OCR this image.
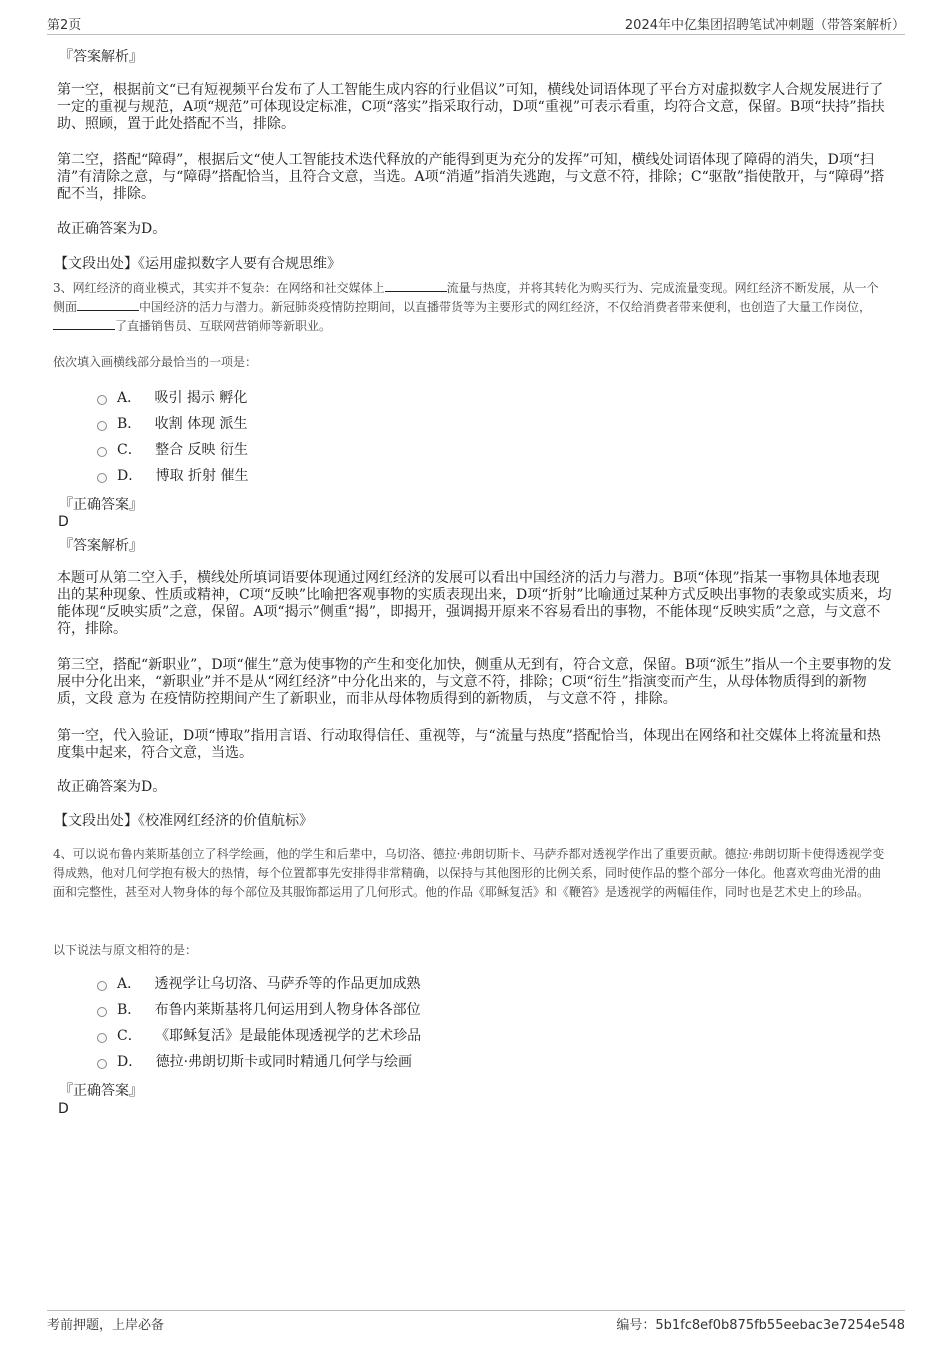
第2页	2024年中亿集团招聘笔试冲刺题（带答案解析）

『答案解析』

第一空，根据前文“已有短视频平台发布了人工智能生成内容的行业倡议”可知，横线处词语体现了平台方对虚拟数字人合规发展进行了一定的重视与规范，A项“规范”可体现设定标准，C项“落实”指采取行动，D项“重视”可表示看重，均符合文意，保留。B项“扶持”指扶助、照顾，置于此处搭配不当，排除。

第二空，搭配“障碍”，根据后文“使人工智能技术迭代释放的产能得到更为充分的发挥”可知，横线处词语体现了障碍的消失，D项“扫清”有清除之意，与“障碍”搭配恰当，且符合文意，当选。A项“消遁”指消失逃跑，与文意不符，排除；C“驱散”指使散开，与“障碍”搭配不当，排除。

故正确答案为D。

【文段出处】《运用虚拟数字人要有合规思维》

3、网红经济的商业模式，其实并不复杂：在网络和社交媒体上	流量与热度，并将其转化为购买行为、完成流量变现。网红经济不断发展，从一个侧面	中国经济的活力与潜力。新冠肺炎疫情防控期间，以直播带货等为主要形式的网红经济，不仅给消费者带来便利，也创造了大量工作岗位，了直播销售员、互联网营销师等新职业。

依次填入画横线部分最恰当的一项是：

A． 吸引 揭示 孵化
B． 收割 体现 派生
C． 整合 反映 衍生
D． 博取 折射 催生

『正确答案』

D

『答案解析』

本题可从第二空入手，横线处所填词语要体现通过网红经济的发展可以看出中国经济的活力与潜力。B项“体现”指某一事物具体地表现出的某种现象、性质或精神，C项“反映”比喻把客观事物的实质表现出来，D项“折射”比喻通过某种方式反映出事物的表象或实质来，均能体现“反映实质”之意，保留。A项“揭示”侧重“揭”，即揭开，强调揭开原来不容易看出的事物，不能体现“反映实质”之意，与文意不符，排除。

第三空，搭配“新职业”，D项“催生”意为使事物的产生和变化加快，侧重从无到有，符合文意，保留。B项“派生”指从一个主要事物的发展中分化出来，“新职业”并不是从“网红经济”中分化出来的，与文意不符，排除；C项“衍生”指演变而产生，从母体物质得到的新物质，文段 意为 在疫情防控期间产生了新职业，而非从母体物质得到的新物质， 与文意不符 ，排除。

第一空，代入验证，D项“博取”指用言语、行动取得信任、重视等，与“流量与热度”搭配恰当，体现出在网络和社交媒体上将流量和热度集中起来，符合文意，当选。

故正确答案为D。

【文段出处】《校准网红经济的价值航标》

4、可以说布鲁内莱斯基创立了科学绘画，他的学生和后辈中，乌切洛、德拉·弗朗切斯卡、马萨乔都对透视学作出了重要贡献。德拉·弗朗切斯卡使得透视学变得成熟，他对几何学抱有极大的热情，每个位置都事先安排得非常精确，以保持与其他图形的比例关系，同时使作品的整个部分一体化。他喜欢弯曲光滑的曲面和完整性，甚至对人物身体的每个部位及其服饰都运用了几何形式。他的作品《耶稣复活》和《鞭笞》是透视学的两幅佳作，同时也是艺术史上的珍品。

以下说法与原文相符的是：

A． 透视学让乌切洛、马萨乔等的作品更加成熟
B． 布鲁内莱斯基将几何运用到人物身体各部位
C． 《耶稣复活》是最能体现透视学的艺术珍品
D． 德拉·弗朗切斯卡或同时精通几何学与绘画

『正确答案』

D

考前押题，上岸必备	编号：5b1fc8ef0b875fb55eebac3e7254e548
